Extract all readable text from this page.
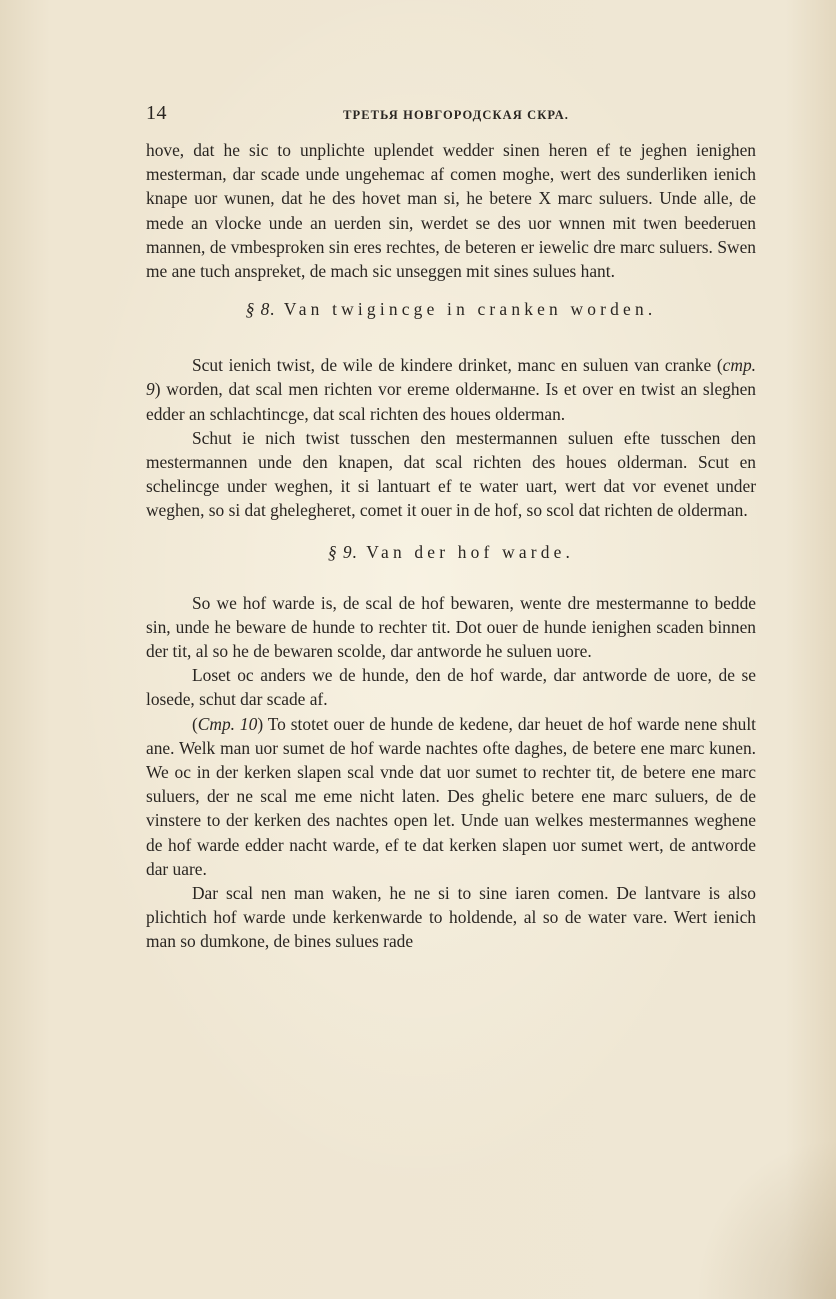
14	ТРЕТЬЯ НОВГОРОДСКАЯ СКРА.

hove, dat he sic to unplichte uplendet wedder sinen heren ef te jeghen ienighen mesterman, dar scade unde ungehemac af comen moghe, wert des sunderliken ienich knape uor wunen, dat he des hovet man si, he betere X marc suluers. Unde alle, de mede an vlocke unde an uerden sin, werdet se des uor wnnen mit twen beederuen mannen, de vmbesproken sin eres rechtes, de beteren er iewelic dre marc suluers. Swen me ane tuch anspreket, de mach sic unseggen mit sines sulues hant.

§ 8. Van twigincge in cranken worden.

Scut ienich twist, de wile de kindere drinket, manc en suluen van cranke (cmp. 9) worden, dat scal men richten vor ereme olderманne. Is et over en twist an sleghen edder an schlachtincge, dat scal richten des houes olderman.

Schut ie nich twist tusschen den mestermannen suluen efte tusschen den mestermannen unde den knapen, dat scal richten des houes olderman. Scut en schelincge under weghen, it si lantuart ef te water uart, wert dat vor evenet under weghen, so si dat ghelegheret, comet it ouer in de hof, so scol dat richten de olderman.

§ 9. Van der hof warde.

So we hof warde is, de scal de hof bewaren, wente dre mestermanne to bedde sin, unde he beware de hunde to rechter tit. Dot ouer de hunde ienighen scaden binnen der tit, al so he de bewaren scolde, dar antworde he suluen uore.

Loset oc anders we de hunde, den de hof warde, dar antworde de uore, de se losede, schut dar scade af.

(Cmp. 10) To stotet ouer de hunde de kedene, dar heuet de hof warde nene shult ane. Welk man uor sumet de hof warde nachtes ofte daghes, de betere ene marc kunen. We oc in der kerken slapen scal vnde dat uor sumet to rechter tit, de betere ene marc suluers, der ne scal me eme nicht laten. Des ghelic betere ene marc suluers, de de vinstere to der kerken des nachtes open let. Unde uan welkes mestermannes weghene de hof warde edder nacht warde, ef te dat kerken slapen uor sumet wert, de antworde dar uare.

Dar scal nen man waken, he ne si to sine iaren comen. De lantvare is also plichtich hof warde unde kerkenwarde to holdende, al so de water vare. Wert ienich man so dumkone, de bines sulues rade
